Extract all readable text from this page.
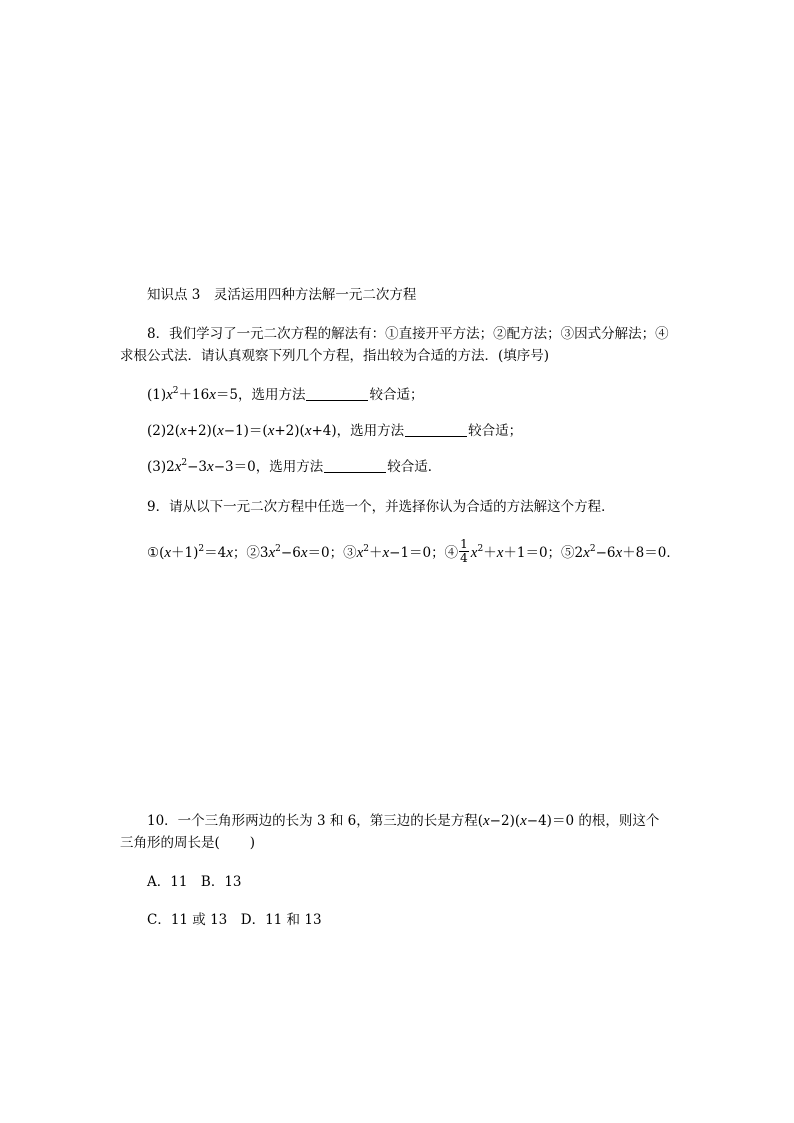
知识点 3　灵活运用四种方法解一元二次方程
8．我们学习了一元二次方程的解法有：①直接开平方法；②配方法；③因式分解法；④
求根公式法．请认真观察下列几个方程，指出较为合适的方法．(填序号)
$(1)x^2+16x=5$，选用方法	较合适；
(2)2(x+2)(x−1)＝(x+2)(x+4)，选用方法	较合适；
$(3)2x^2-3x-3=0$，选用方法	较合适．
9．请从以下一元二次方程中任选一个，并选择你认为合适的方法解这个方程．
$①(x+1)^2=4x$；$②3x^2-6x=0$；$③x^2+x-1=0$；④ $\frac{1}{4} x^2+x+1=0$；$⑤2x^2-6x+8=0$．
10．一个三角形两边的长为 3 和 6，第三边的长是方程(x−2)(x−4)＝0 的根，则这个
三角形的周长是( )
A．11　B．13
C．11 或 13　D．11 和 13
